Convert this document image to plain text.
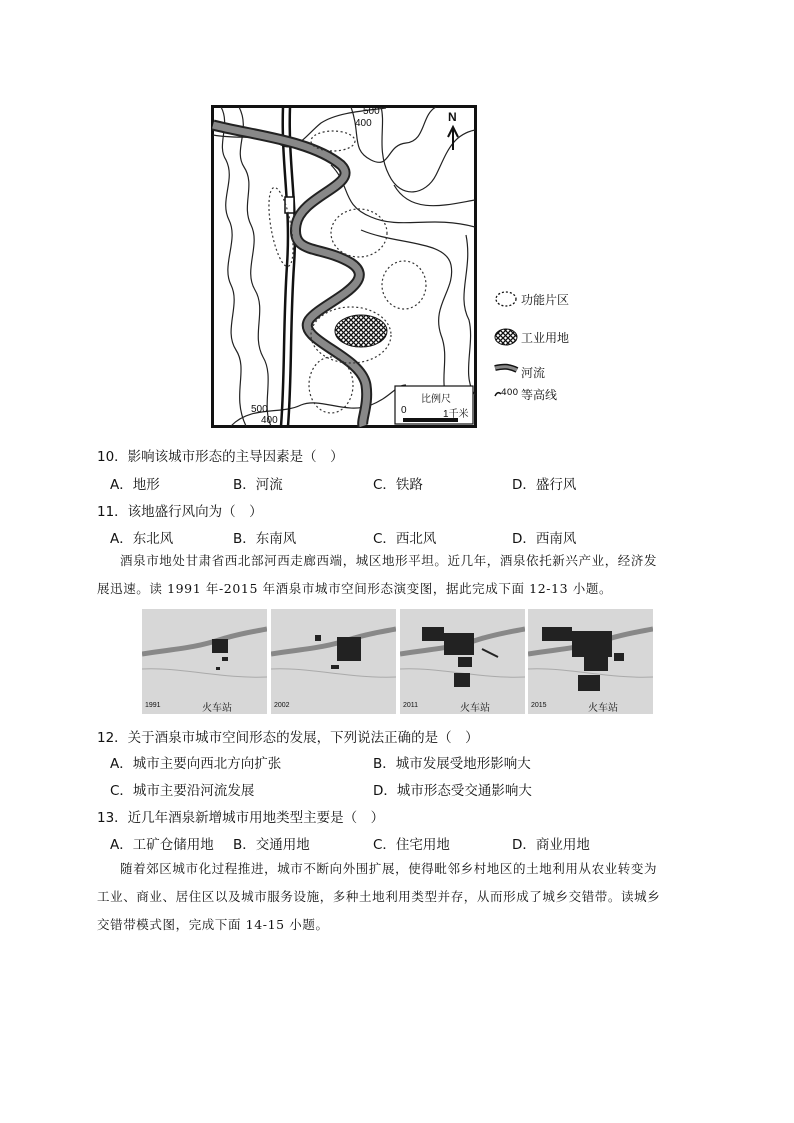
500
400
500
400
N
比例尺
0	1千米
功能片区
工业用地
河流
400 等高线
10．影响该城市形态的主导因素是（　）
A．地形	B．河流	C．铁路	D．盛行风
11．该地盛行风向为（　）
A．东北风	B．东南风	C．西北风	D．西南风
酒泉市地处甘肃省西北部河西走廊西端，城区地形平坦。近几年，酒泉依托新兴产业，经济发
展迅速。读 1991 年-2015 年酒泉市城市空间形态演变图，据此完成下面 12-13 小题。
1991	火车站	2002	2011	火车站	2015	火车站
12．关于酒泉市城市空间形态的发展，下列说法正确的是（　）
A．城市主要向西北方向扩张	B．城市发展受地形影响大
C．城市主要沿河流发展	D．城市形态受交通影响大
13．近几年酒泉新增城市用地类型主要是（　）
A．工矿仓储用地 B．交通用地	C．住宅用地	D．商业用地
随着郊区城市化过程推进，城市不断向外围扩展，使得毗邻乡村地区的土地利用从农业转变为
工业、商业、居住区以及城市服务设施，多种土地利用类型并存，从而形成了城乡交错带。读城乡
交错带模式图，完成下面 14-15 小题。
